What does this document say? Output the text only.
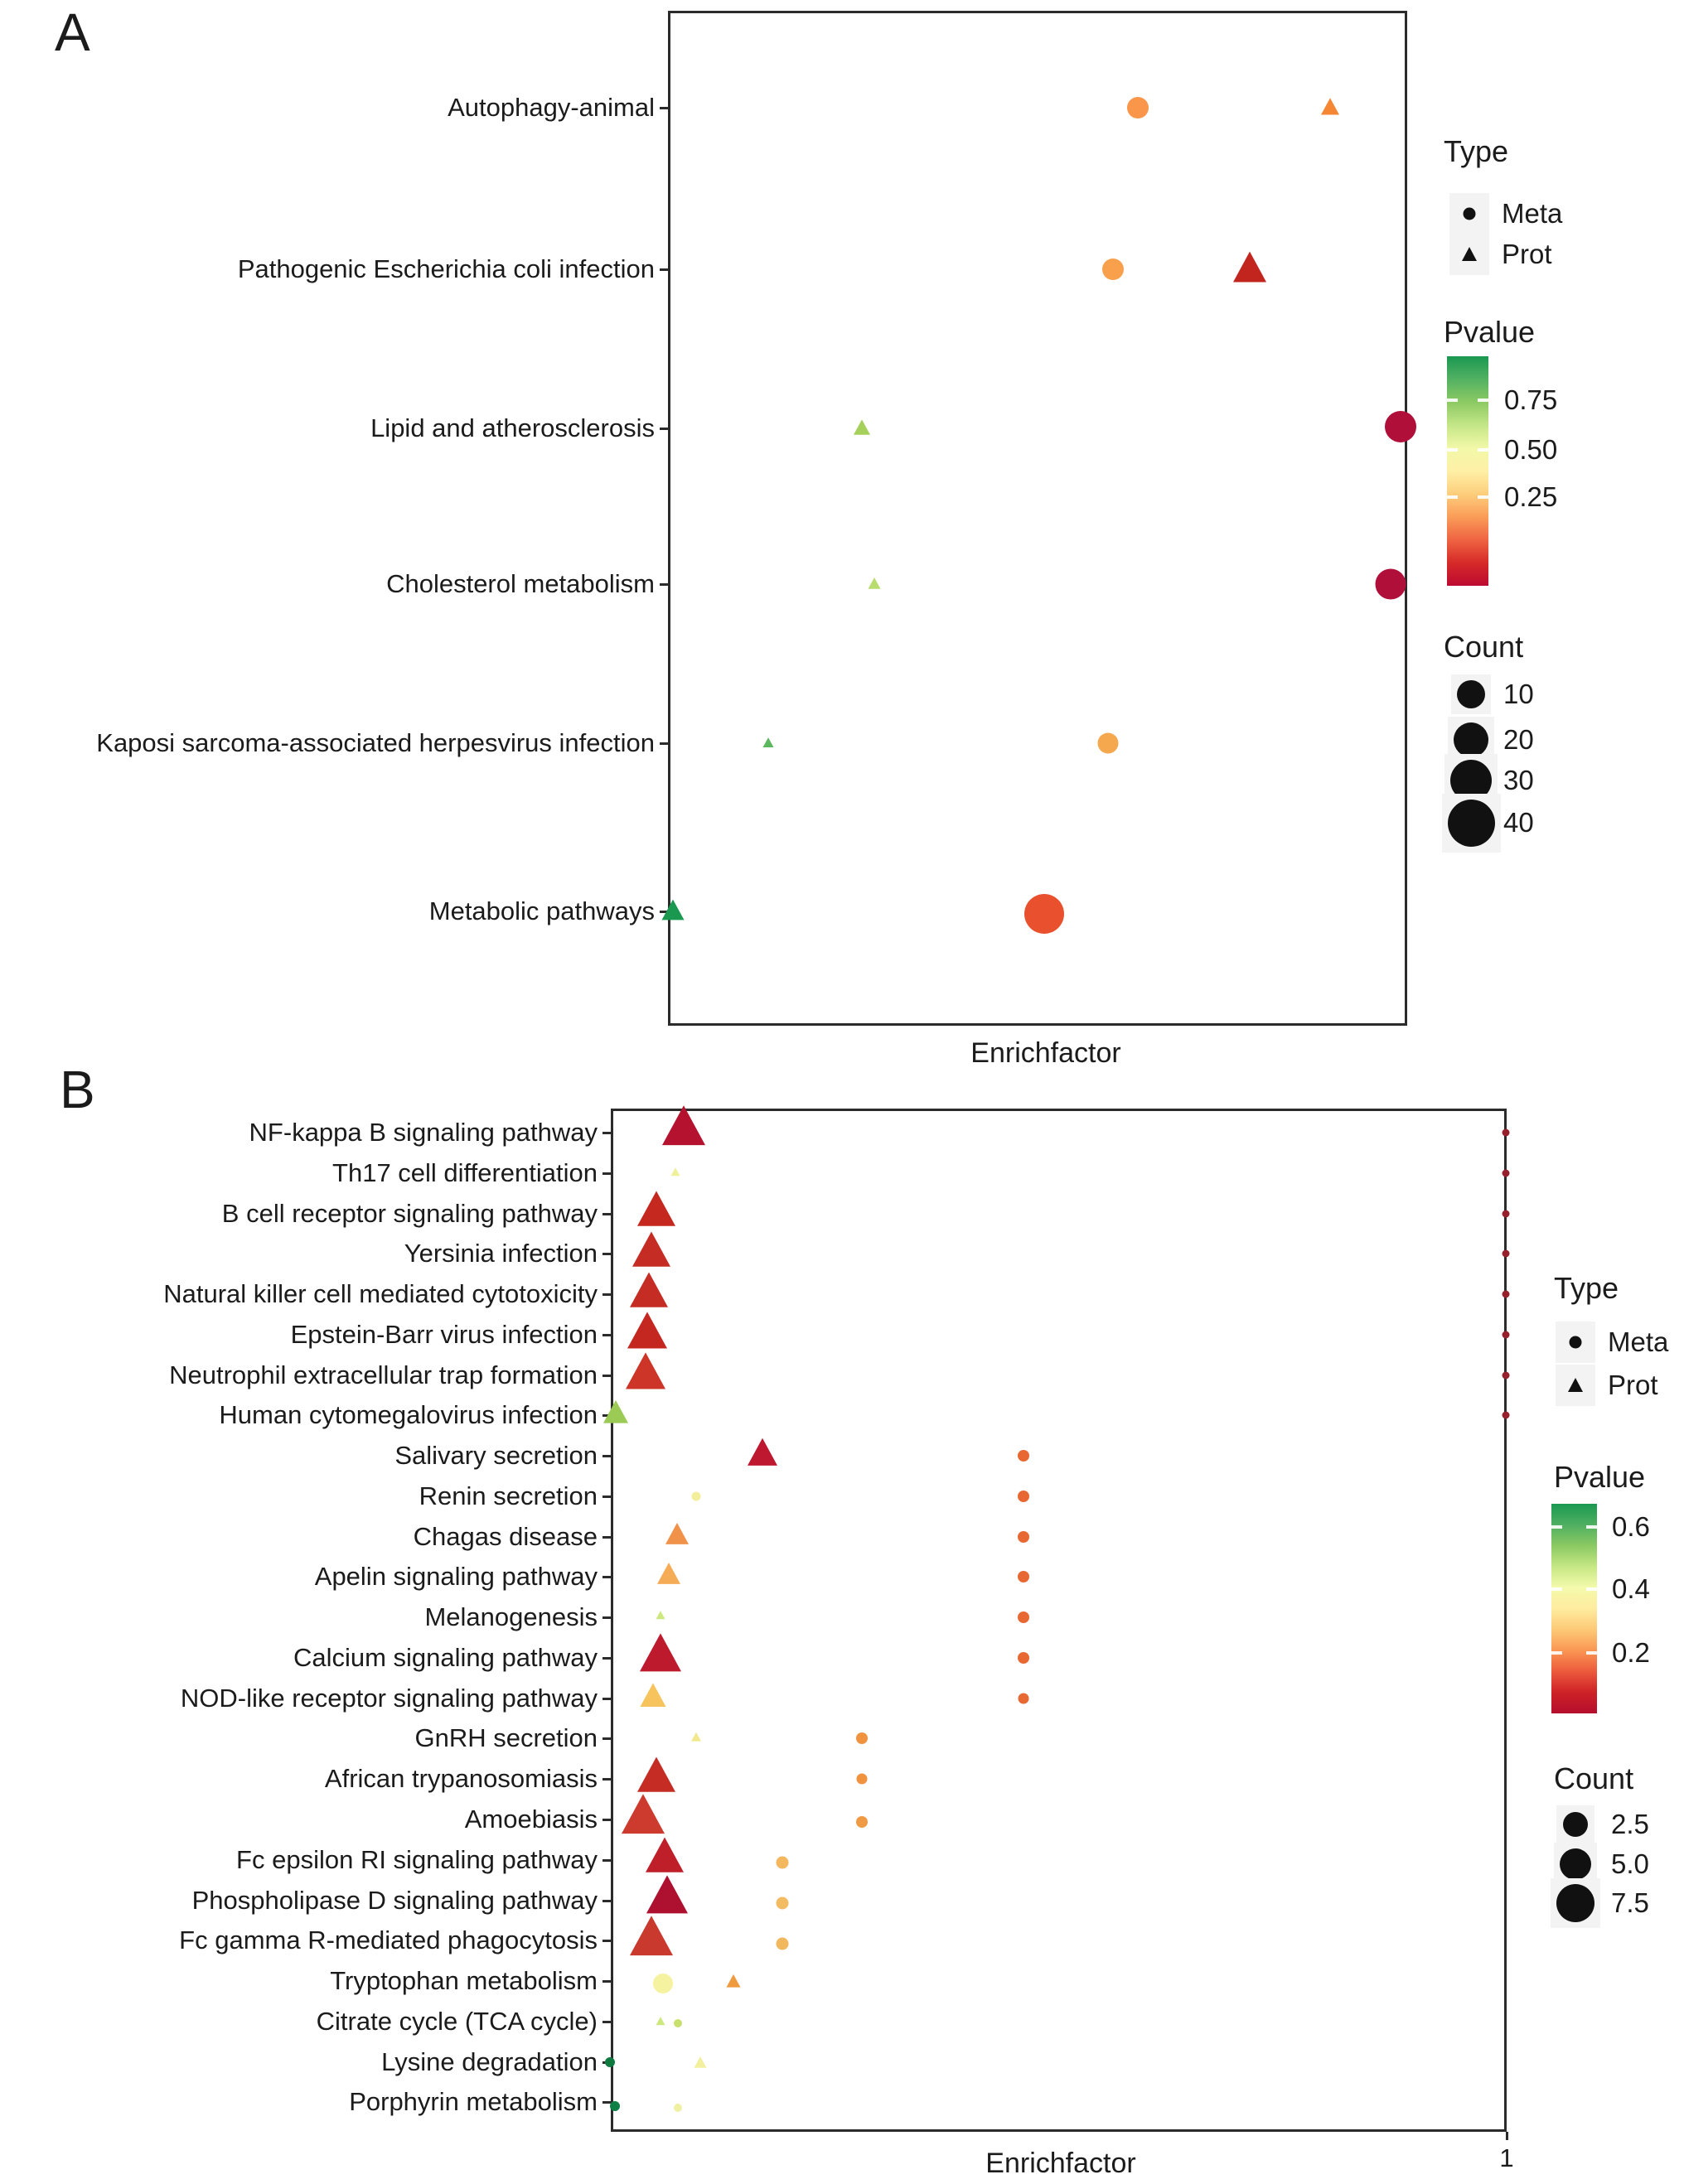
A
Autophagy-animal
Pathogenic Escherichia coli infection
Lipid and atherosclerosis
Cholesterol metabolism
Kaposi sarcoma-associated herpesvirus infection
Metabolic pathways
Enrichfactor
Type
Meta
Prot
Pvalue
0.75
0.50
0.25
Count
10
20
30
40
B
NF-kappa B signaling pathway
Th17 cell differentiation
B cell receptor signaling pathway
Yersinia infection
Natural killer cell mediated cytotoxicity
Epstein-Barr virus infection
Neutrophil extracellular trap formation
Human cytomegalovirus infection
Salivary secretion
Renin secretion
Chagas disease
Apelin signaling pathway
Melanogenesis
Calcium signaling pathway
NOD-like receptor signaling pathway
GnRH secretion
African trypanosomiasis
Amoebiasis
Fc epsilon RI signaling pathway
Phospholipase D signaling pathway
Fc gamma R-mediated phagocytosis
Tryptophan metabolism
Citrate cycle (TCA cycle)
Lysine degradation
Porphyrin metabolism
Enrichfactor	1
Type
Meta
Prot
Pvalue
0.6
0.4
0.2
Count
2.5
5.0
7.5
